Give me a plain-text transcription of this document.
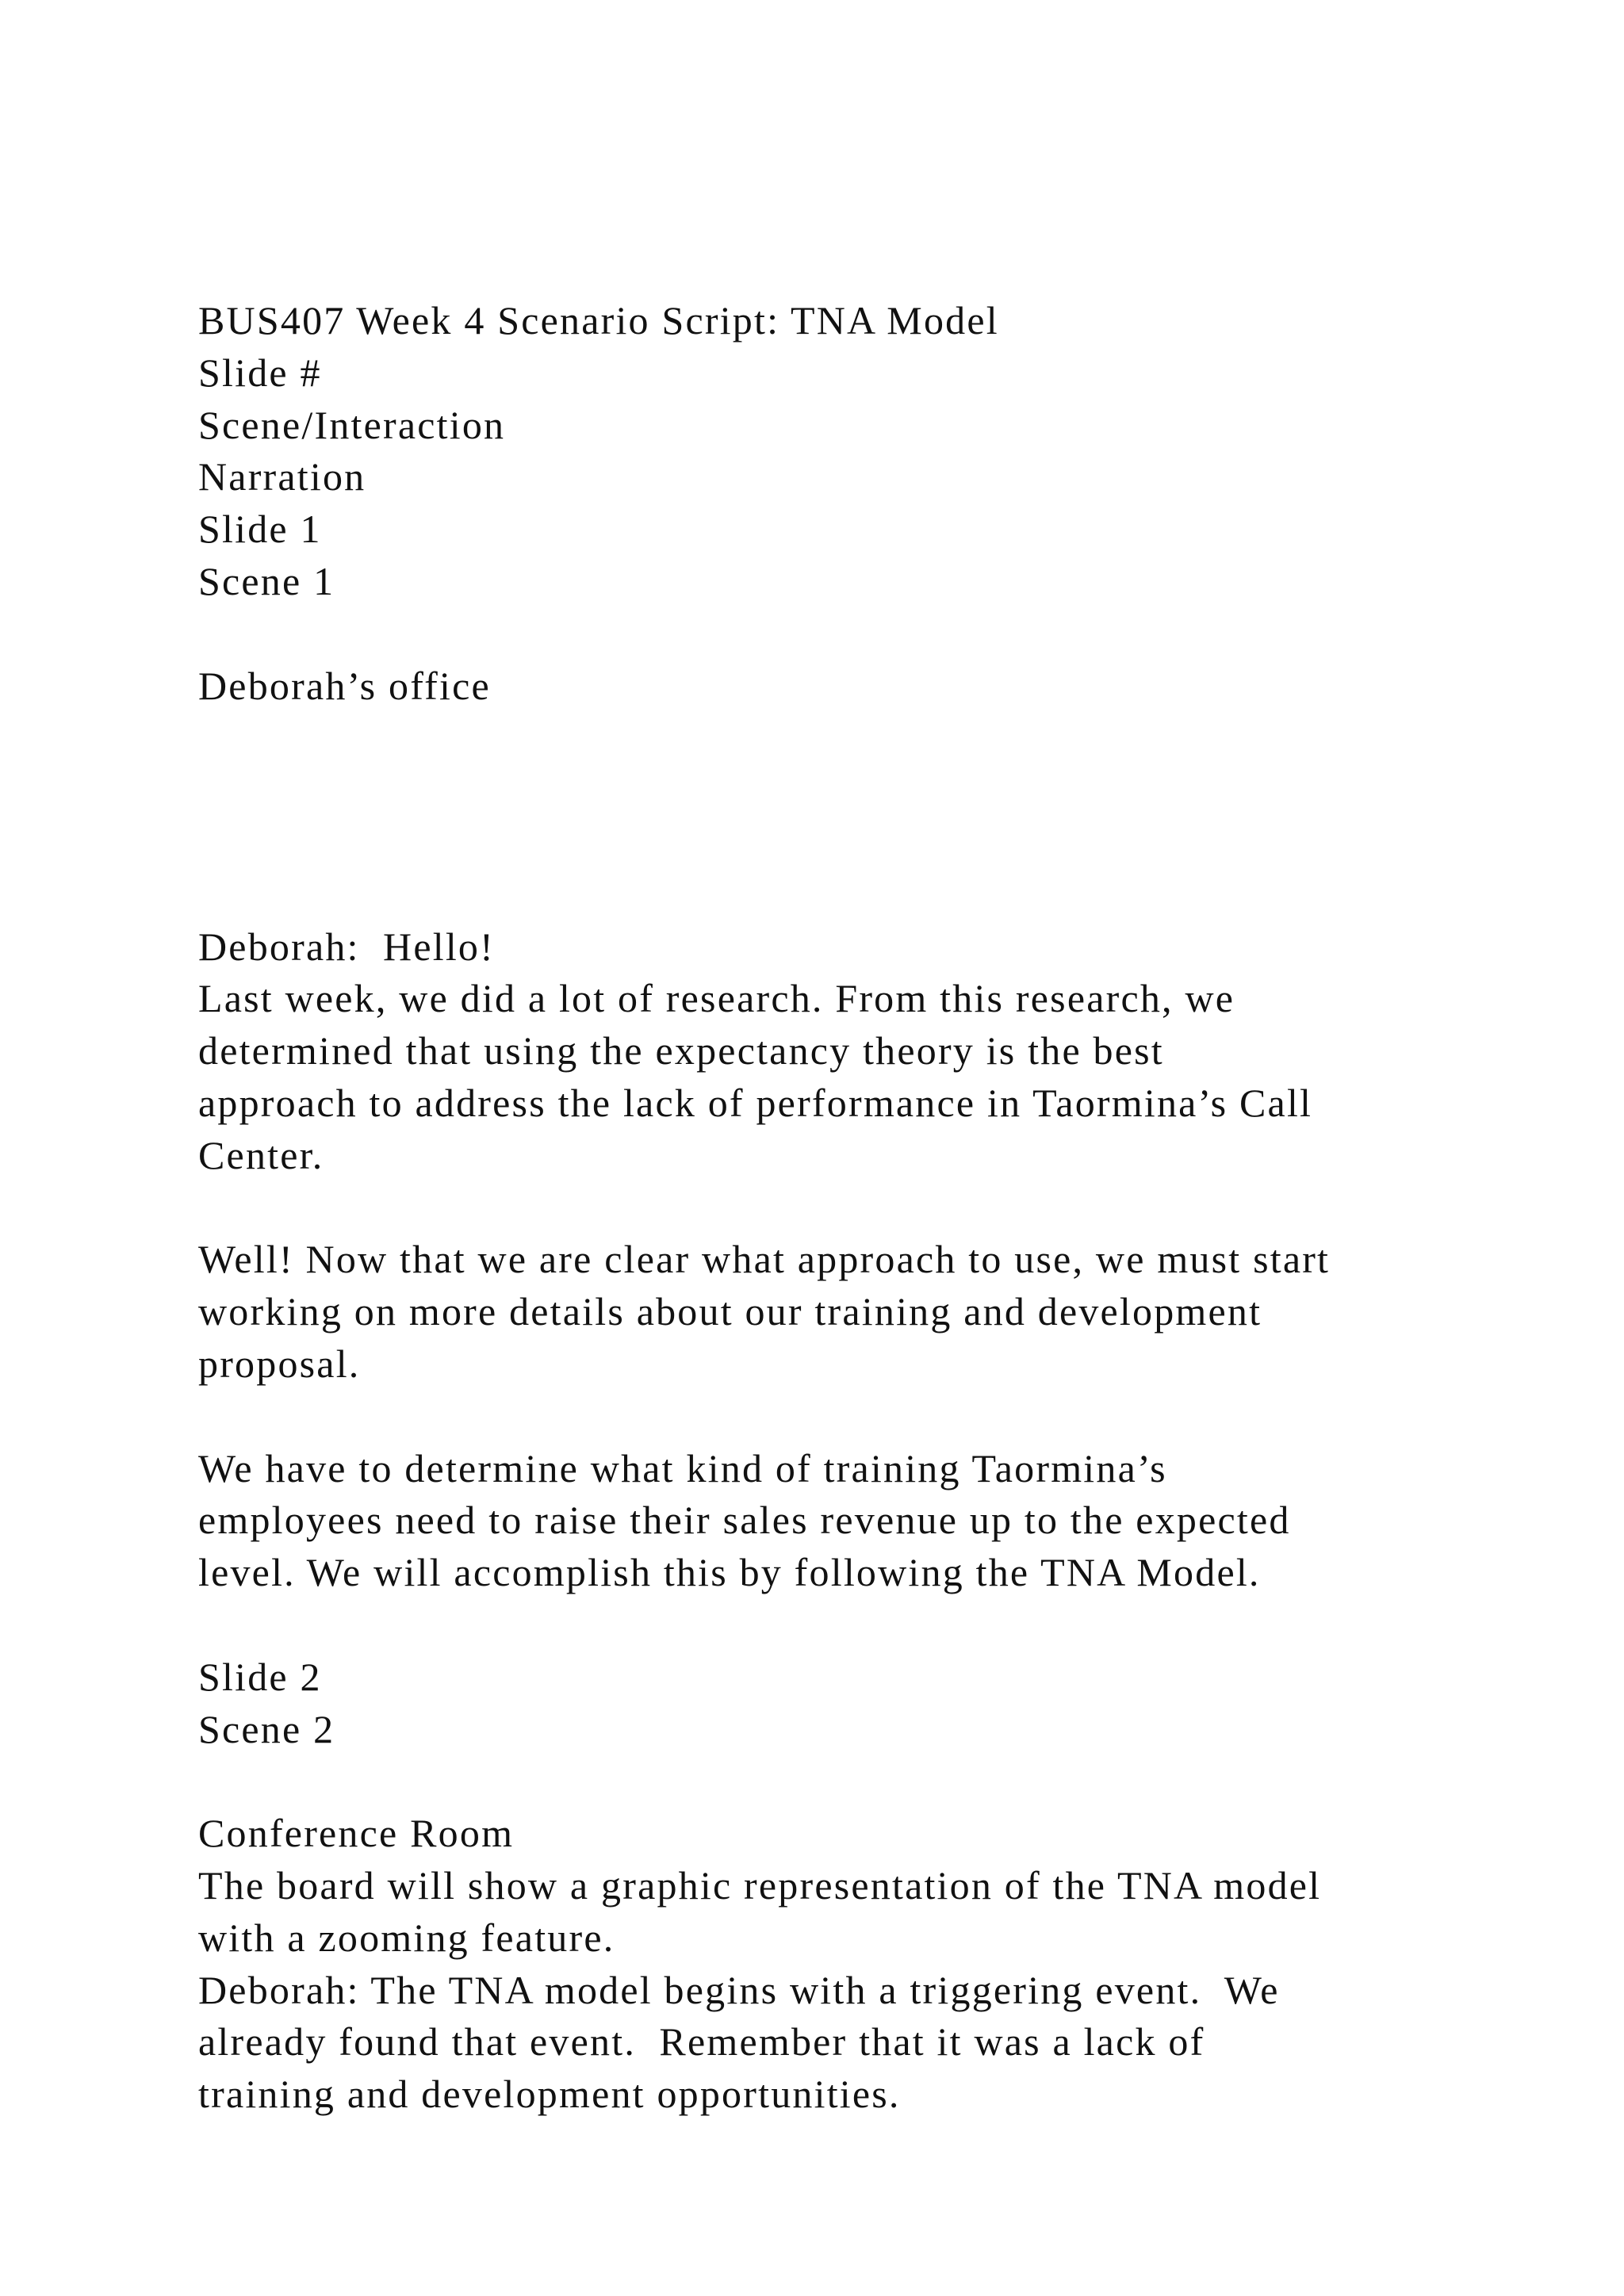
BUS407 Week 4 Scenario Script: TNA Model
Slide #
Scene/Interaction
Narration
Slide 1
Scene 1
Deborah’s office
Deborah:  Hello!
Last week, we did a lot of research. From this research, we
determined that using the expectancy theory is the best
approach to address the lack of performance in Taormina’s Call
Center.
Well! Now that we are clear what approach to use, we must start
working on more details about our training and development
proposal.
We have to determine what kind of training Taormina’s
employees need to raise their sales revenue up to the expected
level. We will accomplish this by following the TNA Model.
Slide 2
Scene 2
Conference Room
The board will show a graphic representation of the TNA model
with a zooming feature.
Deborah: The TNA model begins with a triggering event.  We
already found that event.  Remember that it was a lack of
training and development opportunities.
